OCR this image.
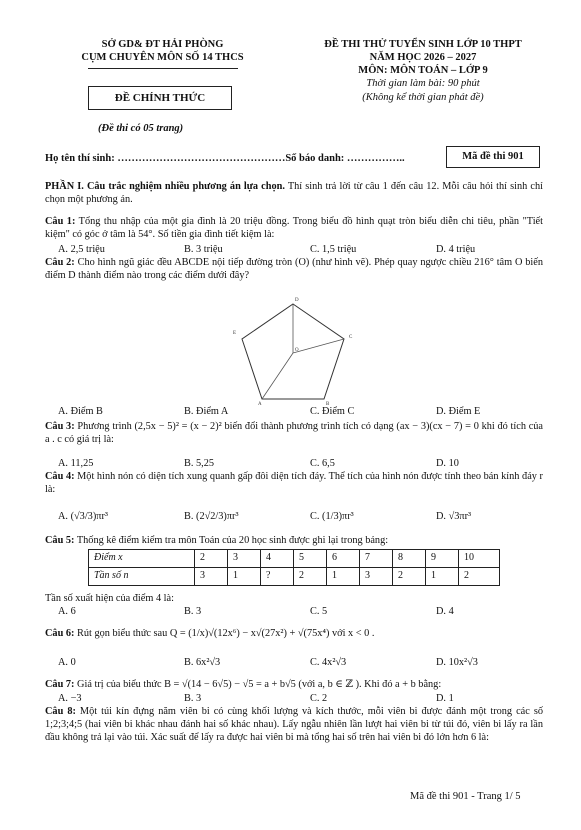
SỞ GD& ĐT HẢI PHÒNG
CỤM CHUYÊN MÔN SỐ 14 THCS
ĐỀ THI THỬ TUYỂN SINH LỚP 10 THPT
NĂM HỌC 2026 – 2027
MÔN: MÔN TOÁN – LỚP 9
Thời gian làm bài: 90 phút
(Không kể thời gian phát đề)
ĐỀ CHÍNH THỨC
(Đề thi có 05 trang)
Họ tên thí sinh: …………………………………………Số báo danh: ……………..	Mã đề thi 901
PHẦN I. Câu trắc nghiệm nhiều phương án lựa chọn. Thí sinh trả lời từ câu 1 đến câu 12. Mỗi câu hỏi thí sinh chỉ chọn một phương án.
Câu 1: Tổng thu nhập của một gia đình là 20 triệu đồng. Trong biểu đồ hình quạt tròn biểu diễn chi tiêu, phần "Tiết kiệm" có góc ở tâm là 54°. Số tiền gia đình tiết kiệm là:
A. 2,5 triệu	B. 3 triệu	C. 1,5 triệu	D. 4 triệu
Câu 2: Cho hình ngũ giác đều ABCDE nội tiếp đường tròn (O) (như hình vẽ). Phép quay ngược chiều 216° tâm O biến điểm D thành điểm nào trong các điểm dưới đây?
A	B
C
E
D
O
A. Điểm B	B. Điểm A	C. Điểm C	D. Điểm E
Câu 3: Phương trình (2,5x − 5)² = (x − 2)² biến đổi thành phương trình tích có dạng (ax − 3)(cx − 7) = 0 khi đó tích của a . c có giá trị là:
A. 11,25	B. 5,25	C. 6,5	D. 10
Câu 4: Một hình nón có diện tích xung quanh gấp đôi diện tích đáy. Thể tích của hình nón được tính theo bán kính đáy r là:
A. (√3/3)πr³	B. (2√2/3)πr³	C. (1/3)πr³	D. √3πr³
Câu 5: Thống kê điểm kiểm tra môn Toán của 20 học sinh được ghi lại trong bảng:
Điểm x	2	3	4	5	6	7	8	9	10
Tần số n	3	1	?	2	1	3	2	1	2
Tần số xuất hiện của điểm 4 là:
A. 6	B. 3	C. 5	D. 4
Câu 6: Rút gọn biểu thức sau Q = (1/x)√(12x⁶) − x√(27x²) + √(75x⁴) với x < 0 .
A. 0	B. 6x²√3	C. 4x²√3	D. 10x²√3
Câu 7: Giá trị của biểu thức B = √(14 − 6√5) − √5 = a + b√5 (với a, b ∈ ℤ ). Khi đó a + b bằng:
A. −3	B. 3	C. 2	D. 1
Câu 8: Một túi kín đựng năm viên bi có cùng khối lượng và kích thước, mỗi viên bi được đánh một trong các số 1;2;3;4;5 (hai viên bi khác nhau đánh hai số khác nhau). Lấy ngẫu nhiên lần lượt hai viên bi từ túi đó, viên bi lấy ra lần đầu không trả lại vào túi. Xác suất để lấy ra được hai viên bi mà tổng hai số trên hai viên bi đó lớn hơn 6 là:
Mã đề thi 901 - Trang 1/ 5
